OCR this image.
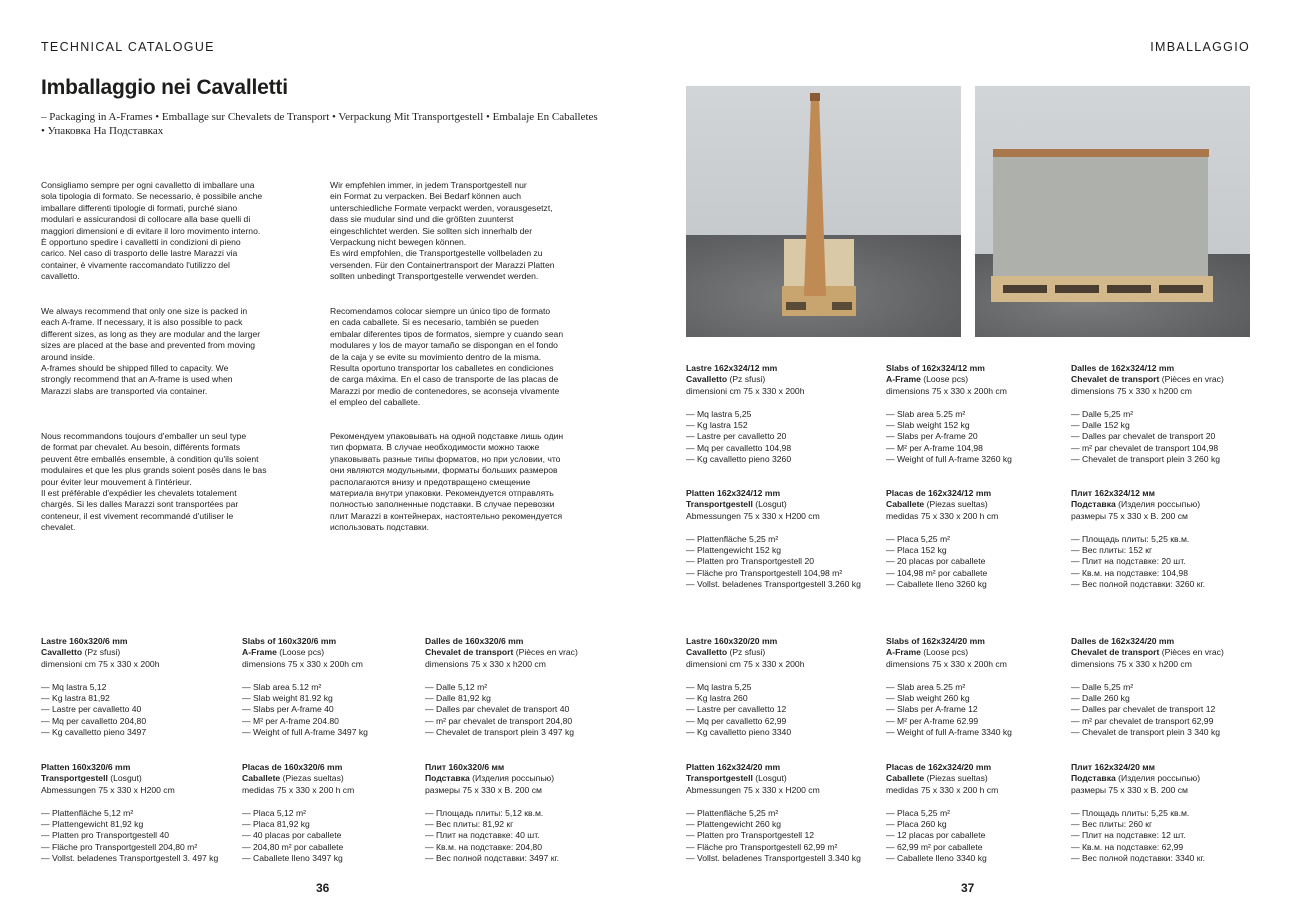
TECHNICAL CATALOGUE	IMBALLAGGIO
Imballaggio nei Cavalletti
– Packaging in A-Frames • Emballage sur Chevalets de Transport • Verpackung Mit Transportgestell • Embalaje En Caballetes
• Упаковка На Подставках
Consigliamo sempre per ogni cavalletto di imballare una
sola tipologia di formato. Se necessario, è possibile anche
imballare differenti tipologie di formati, purché siano
modulari e assicurandosi di collocare alla base quelli di
maggiori dimensioni e di evitare il loro movimento interno.
È opportuno spedire i cavalletti in condizioni di pieno
carico. Nel caso di trasporto delle lastre Marazzi via
container, è vivamente raccomandato l'utilizzo del
cavalletto.
We always recommend that only one size is packed in
each A-frame. If necessary, it is also possible to pack
different sizes, as long as they are modular and the larger
sizes are placed at the base and prevented from moving
around inside.
A-frames should be shipped filled to capacity. We
strongly recommend that an A-frame is used when
Marazzi slabs are transported via container.
Nous recommandons toujours d'emballer un seul type
de format par chevalet. Au besoin, différents formats
peuvent être emballés ensemble, à condition qu'ils soient
modulaires et que les plus grands soient posés dans le bas
pour éviter leur mouvement à l'intérieur.
Il est préférable d'expédier les chevalets totalement
chargés. Si les dalles Marazzi sont transportées par
conteneur, il est vivement recommandé d'utiliser le
chevalet.
Wir empfehlen immer, in jedem Transportgestell nur
ein Format zu verpacken. Bei Bedarf können auch
unterschiedliche Formate verpackt werden, vorausgesetzt,
dass sie mudular sind und die größten zuunterst
eingeschlichtet werden. Sie sollten sich innerhalb der
Verpackung nicht bewegen können.
Es wird empfohlen, die Transportgestelle vollbeladen zu
versenden. Für den Containertransport der Marazzi Platten
sollten unbedingt Transportgestelle verwendet werden.
Recomendamos colocar siempre un único tipo de formato
en cada caballete. Si es necesario, también se pueden
embalar diferentes tipos de formatos, siempre y cuando sean
modulares y los de mayor tamaño se dispongan en el fondo
de la caja y se evite su movimiento dentro de la misma.
Resulta oportuno transportar los caballetes en condiciones
de carga máxima. En el caso de transporte de las placas de
Marazzi por medio de contenedores, se aconseja vivamente
el empleo del caballete.
Рекомендуем упаковывать на одной подставке лишь один
тип формата. В случае необходимости можно также
упаковывать разные типы форматов, но при условии, что
они являются модульными, форматы больших размеров
располагаются внизу и предотвращено смещение
материала внутри упаковки. Рекомендуется отправлять
полностью заполненные подставки. В случае перевозки
плит Marazzi в контейнерах, настоятельно рекомендуется
использовать подставки.
Lastre 162x324/12 mm
Cavalletto (Pz sfusi)
dimensioni cm 75 x 330 x 200h
— Mq lastra 5,25
— Kg lastra 152
— Lastre per cavalletto 20
— Mq per cavalletto 104,98
— Kg cavalletto pieno 3260
Slabs of 162x324/12 mm
A-Frame (Loose pcs)
dimensions 75 x 330 x 200h cm
— Slab area 5.25 m²
— Slab weight 152 kg
— Slabs per A-frame 20
— M² per A-frame 104,98
— Weight of full A-frame 3260 kg
Dalles de 162x324/12 mm
Chevalet de transport (Pièces en vrac)
dimensions 75 x 330 x h200 cm
— Dalle 5,25 m²
— Dalle 152 kg
— Dalles par chevalet de transport 20
— m² par chevalet de transport 104,98
— Chevalet de transport plein 3 260 kg
Platten 162x324/12 mm
Transportgestell (Losgut)
Abmessungen 75 x 330 x H200 cm
— Plattenfläche 5,25 m²
— Plattengewicht 152 kg
— Platten pro Transportgestell 20
— Fläche pro Transportgestell 104,98 m²
— Vollst. beladenes Transportgestell 3.260 kg
Placas de 162x324/12 mm
Caballete (Piezas sueltas)
medidas 75 x 330 x 200 h cm
— Placa 5,25 m²
— Placa 152 kg
— 20 placas por caballete
— 104,98 m² por caballete
— Caballete lleno 3260 kg
Плит 162x324/12 мм
Подставка (Изделия россыпью)
размеры 75 x 330 x В. 200 см
— Площадь плиты: 5,25 кв.м.
— Вес плиты: 152 кг
— Плит на подставке: 20 шт.
— Кв.м. на подставке: 104,98
— Вес полной подставки: 3260 кг.
Lastre 160x320/6 mm
Cavalletto (Pz sfusi)
dimensioni cm 75 x 330 x 200h
— Mq lastra 5,12
— Kg lastra 81,92
— Lastre per cavalletto 40
— Mq per cavalletto 204,80
— Kg cavalletto pieno 3497
Slabs of 160x320/6 mm
A-Frame (Loose pcs)
dimensions 75 x 330 x 200h cm
— Slab area 5.12 m²
— Slab weight 81.92 kg
— Slabs per A-frame 40
— M² per A-frame 204.80
— Weight of full A-frame 3497 kg
Dalles de 160x320/6 mm
Chevalet de transport (Pièces en vrac)
dimensions 75 x 330 x h200 cm
— Dalle 5,12 m²
— Dalle 81,92 kg
— Dalles par chevalet de transport 40
— m² par chevalet de transport 204,80
— Chevalet de transport plein 3 497 kg
Platten 160x320/6 mm
Transportgestell (Losgut)
Abmessungen 75 x 330 x H200 cm
— Plattenfläche 5,12 m²
— Plattengewicht 81,92 kg
— Platten pro Transportgestell 40
— Fläche pro Transportgestell 204,80 m²
— Vollst. beladenes Transportgestell 3. 497 kg
Placas de 160x320/6 mm
Caballete (Piezas sueltas)
medidas 75 x 330 x 200 h cm
— Placa 5,12 m²
— Placa 81,92 kg
— 40 placas por caballete
— 204,80 m² por caballete
— Caballete lleno 3497 kg
Плит 160x320/6 мм
Подставка (Изделия россыпью)
размеры 75 x 330 x В. 200 см
— Площадь плиты: 5,12 кв.м.
— Вес плиты: 81,92 кг
— Плит на подставке: 40 шт.
— Кв.м. на подставке: 204,80
— Вес полной подставки: 3497 кг.
Lastre 160x320/20 mm
Cavalletto (Pz sfusi)
dimensioni cm 75 x 330 x 200h
— Mq lastra 5,25
— Kg lastra 260
— Lastre per cavalletto 12
— Mq per cavalletto 62,99
— Kg cavalletto pieno 3340
Slabs of 162x324/20 mm
A-Frame (Loose pcs)
dimensions 75 x 330 x 200h cm
— Slab area 5.25 m²
— Slab weight 260 kg
— Slabs per A-frame 12
— M² per A-frame 62.99
— Weight of full A-frame 3340 kg
Dalles de 162x324/20 mm
Chevalet de transport (Pièces en vrac)
dimensions 75 x 330 x h200 cm
— Dalle 5,25 m²
— Dalle 260 kg
— Dalles par chevalet de transport 12
— m² par chevalet de transport 62,99
— Chevalet de transport plein 3 340 kg
Platten 162x324/20 mm
Transportgestell (Losgut)
Abmessungen 75 x 330 x H200 cm
— Plattenfläche 5,25 m²
— Plattengewicht 260 kg
— Platten pro Transportgestell 12
— Fläche pro Transportgestell 62,99 m²
— Vollst. beladenes Transportgestell 3.340 kg
Placas de 162x324/20 mm
Caballete (Piezas sueltas)
medidas 75 x 330 x 200 h cm
— Placa 5,25 m²
— Placa 260 kg
— 12 placas por caballete
— 62,99 m² por caballete
— Caballete lleno 3340 kg
Плит 162x324/20 мм
Подставка (Изделия россыпью)
размеры 75 x 330 x В. 200 см
— Площадь плиты: 5,25 кв.м.
— Вес плиты: 260 кг
— Плит на подставке: 12 шт.
— Кв.м. на подставке: 62,99
— Вес полной подставки: 3340 кг.
36	37
